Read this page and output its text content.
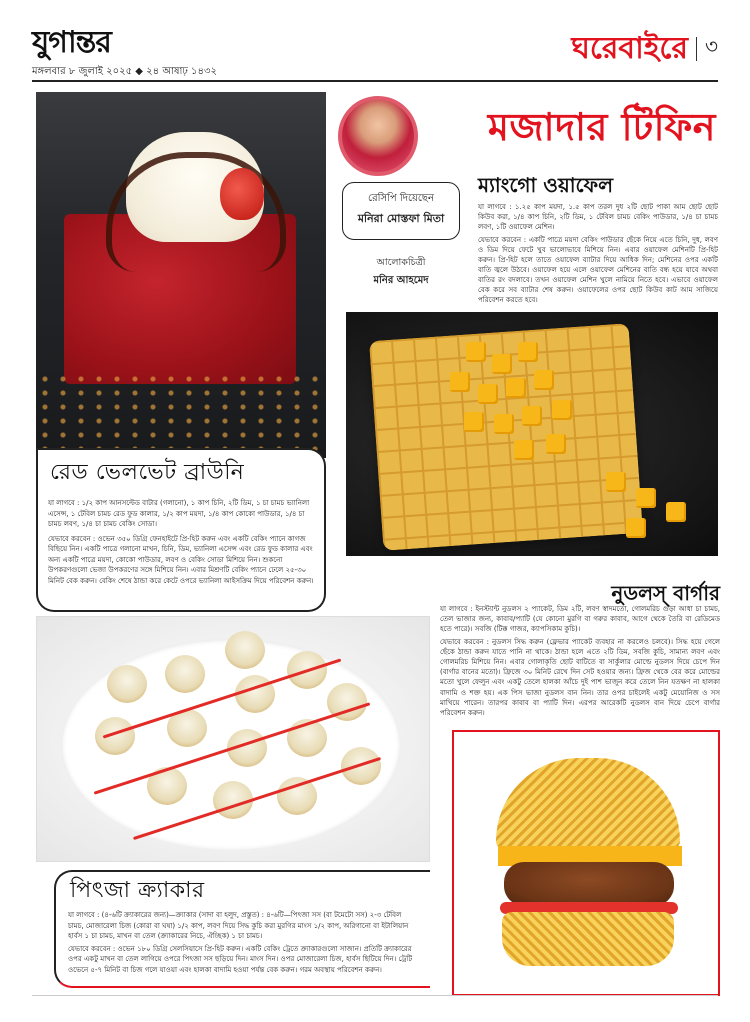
যুগান্তর
মঙ্গলবার ৮ জুলাই ২০২৫ ◆ ২৪ আষাঢ় ১৪৩২
ঘরেবাইরে ৩
রেড ভেলভেট ব্রাউনি

যা লাগবে : ১/২ কাপ আনসল্টেড বাটার (গলানো), ১ কাপ চিনি, ২টি ডিম, ১ চা চামচ ভ্যানিলা এসেন্স, ১ টেবিল চামচ রেড ফুড কালার, ১/২ কাপ ময়দা, ১/৪ কাপ কোকো পাউডার, ১/৪ চা চামচ লবণ, ১/৪ চা চামচ বেকিং সোডা।

যেভাবে করবেন : ওভেন ৩৫০ ডিগ্রি ফেনহাইটে প্রি-হিট করুন এবং একটি বেকিং প্যানে কাগজ বিছিয়ে নিন। একটি পাত্রে গলানো মাখন, চিনি, ডিম, ভ্যানিলা এসেন্স এবং রেড ফুড কালার এবং অন্য একটি পাত্রে ময়দা, কোকো পাউডার, লবণ ও বেকিং সোডা মিশিয়ে নিন। শুকনো উপকরণগুলো ভেজা উপকরণের সঙ্গে মিশিয়ে নিন। এবার মিশ্রণটি বেকিং প্যানে ঢেলে ২৫-৩০ মিনিট বেক করুন। বেকিং শেষে ঠান্ডা করে কেটে ওপরে ভ্যানিলা আইসক্রিম দিয়ে পরিবেশন করুন।

পিৎজা ক্র্যাকার

যা লাগবে : (৪-৬টি ক্র্যাকারের জন্য)—ক্র্যাকার (সাদা বা হলুদ, প্রস্তুত) : ৪-৬টি—পিৎজা সস (বা টমেটো সস) ২-৩ টেবিল চামচ, মোজারেলা চিজ (কোরা বা ঘষা) ১/২ কাপ, লবণ দিয়ে সিদ্ধ কুচি করা মুরগির মাংস ১/২ কাপ, অরিগানো বা ইটালিয়ান হার্বস ১ চা চামচ, মাখন বা তেল (ক্র্যাকারের নিচে, ঐচ্ছিক) ১ চা চামচ।

যেভাবে করবেন : ওভেন ১৮০ ডিগ্রি সেলসিয়াসে প্রি-হিট করুন। একটি বেকিং ট্রেতে ক্র্যাকারগুলো সাজান। প্রতিটি ক্র্যাকারের ওপর একটু মাখন বা তেল লাগিয়ে ওপরে পিৎজা সস ছড়িয়ে দিন। মাংস দিন। ওপর মোজারেলা চিজ, হার্বস ছিটিয়ে দিন। ট্রেটি ওভেনে ৫-৭ মিনিট বা চিজ গলে যাওয়া এবং হালকা বাদামি হওয়া পর্যন্ত বেক করুন। গরম অবস্থায় পরিবেশন করুন।

রেসিপি দিয়েছেন
মনিরা মোস্তফা মিতা
আলোকচিত্রী
মনির আহমেদ
মজাদার টিফিন
ম্যাংগো ওয়াফেল

যা লাগবে : ১.২৫ কাপ ময়দা, ১.৫ কাপ তরল দুধ ২টি ছোট পাকা আম ছোট ছোট কিউব করা, ১/৪ কাপ চিনি, ২টি ডিম, ১ টেবিল চামচ বেকিং পাউডার, ১/৪ চা চামচ লবণ, ১টি ওয়াফেল মেশিন।

যেভাবে করবেন : একটি পাত্রে ময়দা বেকিং পাউডার ছেঁকে নিয়ে এতে চিনি, দুধ, লবণ ও ডিম দিয়ে ফেটে খুব ভালোভাবে মিশিয়ে নিন। এবার ওয়াফেল মেশিনটি প্রি-হিট করুন। প্রি-হিট হলে তাতে ওয়াফেল ব্যাটার দিয়ে আধিক দিন; মেশিনের ওপর একটি বাতি জ্বলে উঠবে। ওয়াফেল হয়ে এলে ওয়াফেল মেশিনের বাতি বন্ধ হয়ে যাবে অথবা বাতির রং বদলাবে। তখন ওয়াফেল মেশিন খুলে নামিয়ে নিতে হবে। এভাবে ওয়াফেল বেক করে সব ব্যাটার শেষ করুন। ওয়াফেলের ওপর ছোট কিউব কাট আম সাজিয়ে পরিবেশন করতে হবে।

নুডলস্ বার্গার

যা লাগবে : ইনস্ট্যান্ট নুডলস ২ প্যাকেট, ডিম ২টি, লবণ স্বাদমতো, গোলমরিচ গুঁড়া আধা চা চামচ, তেল ভাজার জন্য, কাবাব/প্যাটি (যে কোনো মুরগি বা গরুর কাবাব, আগে থেকে তৈরি বা রেডিমেড হতে পারে)। সবজি (টিক্ক গাজর, ক্যাপসিকাম কুচি)।

যেভাবে করবেন : নুডলস সিদ্ধ করুন (ফ্লেভার প্যাকেট ব্যবহার না করলেও চলবে)। সিদ্ধ হয়ে গেলে ছেঁকে ঠান্ডা করুন যাতে পানি না থাকে। ঠান্ডা হলে এতে ২টি ডিম, সবজি কুচি, সামান্য লবণ এবং গোলমরিচ মিশিয়ে নিন। এবার গোলাকৃতি ছোট বাটিতে বা সার্কুলার মোল্ডে নুডলস দিয়ে চেপে দিন (বার্গার বানের মতো)। ফ্রিজে ৩০ মিনিট রেখে দিন সেট হওয়ার জন্য। ফ্রিজ থেকে বের করে মোল্ডের মতো খুলে ফেলুন এবং একটু তেলে হালকা আঁচে দুই পাশ ভাজুন করে তেলে নিন যতক্ষণ না হালকা বাদামি ও শক্ত হয়। এক পিস ভাজা নুডলস বান নিন। তার ওপর চাইলেই একটু মেয়োনিজ ও সস মাখিয়ে পারেন। তারপর কাবাব বা প্যাটি দিন। এরপর আরেকটি নুডলস বান দিয়ে চেপে বার্গার পরিবেশন করুন।
